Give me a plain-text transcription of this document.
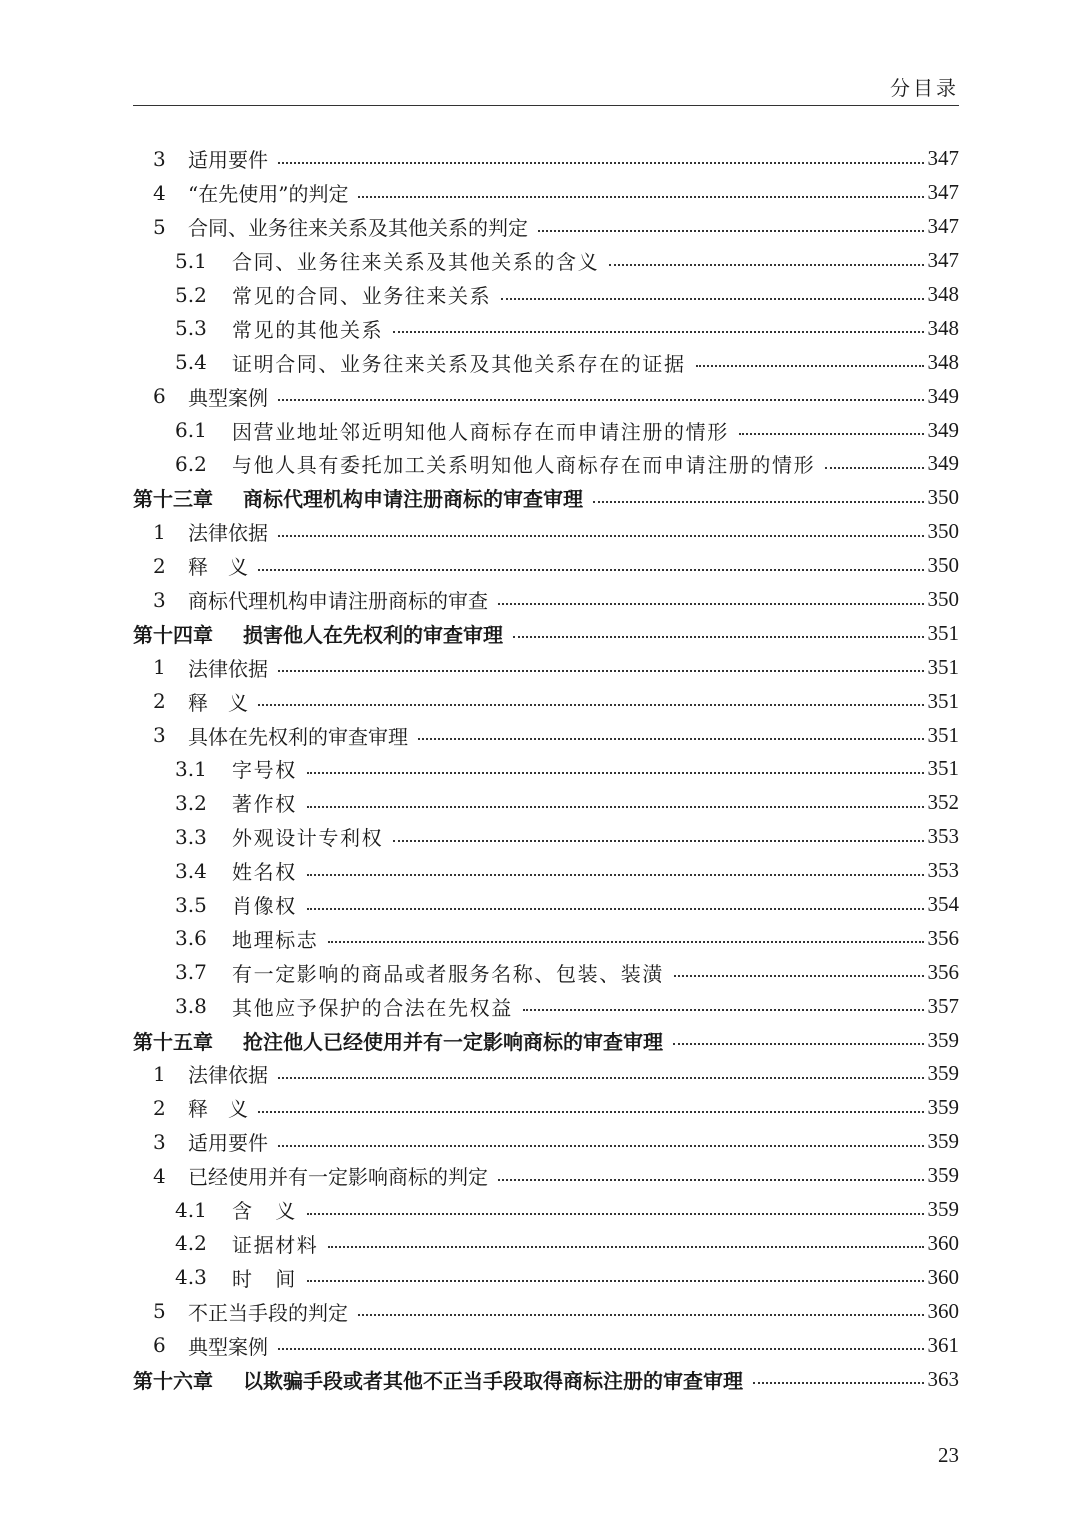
分目录
3	适用要件	347
4	“在先使用”的判定	347
5	合同、业务往来关系及其他关系的判定	347
5.1	合同、业务往来关系及其他关系的含义	347
5.2	常见的合同、业务往来关系	348
5.3	常见的其他关系	348
5.4	证明合同、业务往来关系及其他关系存在的证据	348
6	典型案例	349
6.1	因营业地址邻近明知他人商标存在而申请注册的情形	349
6.2	与他人具有委托加工关系明知他人商标存在而申请注册的情形	349
第十三章	商标代理机构申请注册商标的审查审理	350
1	法律依据	350
2	释　义	350
3	商标代理机构申请注册商标的审查	350
第十四章	损害他人在先权利的审查审理	351
1	法律依据	351
2	释　义	351
3	具体在先权利的审查审理	351
3.1	字号权	351
3.2	著作权	352
3.3	外观设计专利权	353
3.4	姓名权	353
3.5	肖像权	354
3.6	地理标志	356
3.7	有一定影响的商品或者服务名称、包装、装潢	356
3.8	其他应予保护的合法在先权益	357
第十五章	抢注他人已经使用并有一定影响商标的审查审理	359
1	法律依据	359
2	释　义	359
3	适用要件	359
4	已经使用并有一定影响商标的判定	359
4.1	含　义	359
4.2	证据材料	360
4.3	时　间	360
5	不正当手段的判定	360
6	典型案例	361
第十六章	以欺骗手段或者其他不正当手段取得商标注册的审查审理	363
23
